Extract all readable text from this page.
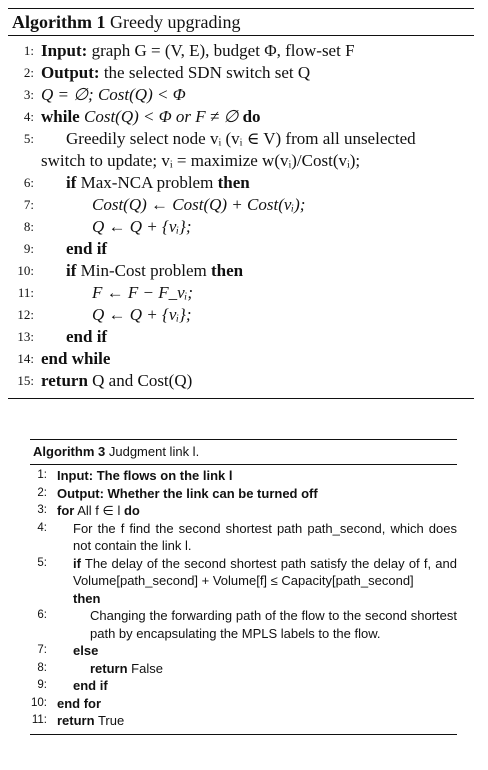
Algorithm 1 Greedy upgrading
1: Input: graph G = (V, E), budget Φ, flow-set F
2: Output: the selected SDN switch set Q
3: Q = ∅; Cost(Q) < Φ
4: while Cost(Q) < Φ or F ≠ ∅ do
5: Greedily select node vᵢ (vᵢ ∈ V) from all unselected
switch to update; vᵢ = maximize w(vᵢ)/Cost(vᵢ);
6: if Max-NCA problem then
7:	Cost(Q) ← Cost(Q) + Cost(vᵢ);
8:	Q ← Q + {vᵢ};
9: end if
10: if Min-Cost problem then
11:	F ← F − F_vᵢ;
12:	Q ← Q + {vᵢ};
13: end if
14: end while
15: return Q and Cost(Q)
Algorithm 3 Judgment link l.
1: Input: The flows on the link l
2: Output: Whether the link can be turned off
3: for All f ∈ l do
4: For the f find the second shortest path path_second, which does not contain the link l.
5: if The delay of the second shortest path satisfy the delay of f, and Volume[path_second] + Volume[f] ≤ Capacity[path_second]
then
6:	Changing the forwarding path of the flow to the second shortest path by encapsulating the MPLS labels to the flow.
7: else
8:	return False
9: end if
10: end for
11: return True
